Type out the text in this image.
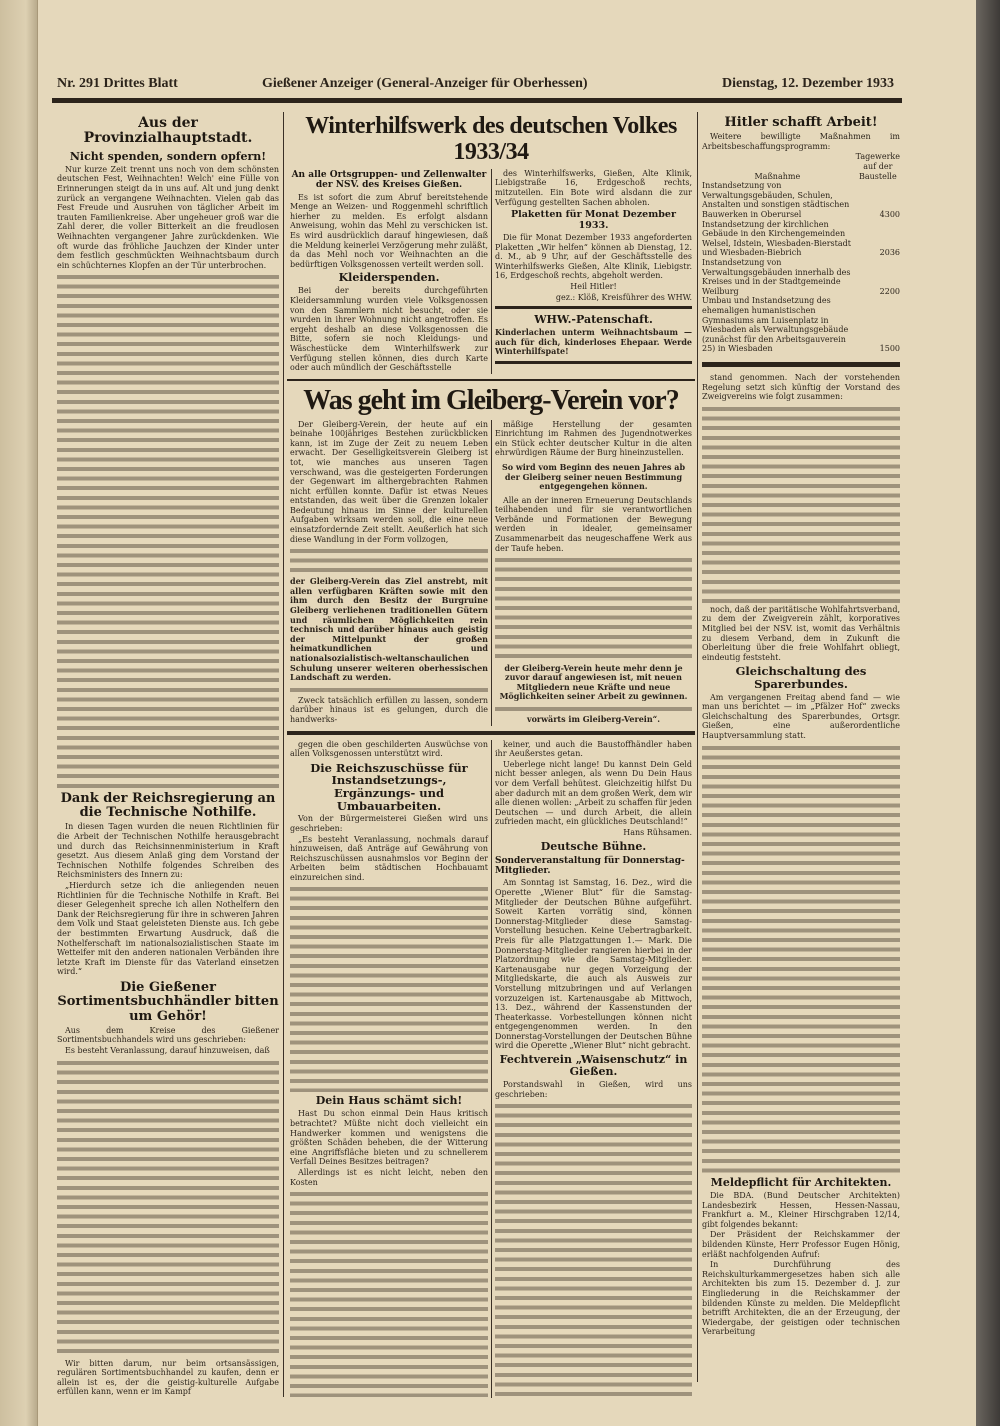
Nr. 291 Drittes Blatt	Gießener Anzeiger (General-Anzeiger für Oberhessen)	Dienstag, 12. Dezember 1933
Aus der Provinzialhauptstadt.
Nicht spenden, sondern opfern!

Nur kurze Zeit trennt uns noch von dem schönsten deutschen Fest, Weihnachten! Welch' eine Fülle von Erinnerungen steigt da in uns auf. Alt und jung denkt zurück an vergangene Weihnachten. Vielen gab das Fest Freude und Ausruhen von täglicher Arbeit im trauten Familienkreise. Aber ungeheuer groß war die Zahl derer, die voller Bitterkeit an die freudlosen Weihnachten vergangener Jahre zurückdenken. Wie oft wurde das fröhliche Jauchzen der Kinder unter dem festlich geschmückten Weihnachtsbaum durch ein schüchternes Klopfen an der Tür unterbrochen.

Dank der Reichsregierung an die Technische Nothilfe.

In diesen Tagen wurden die neuen Richtlinien für die Arbeit der Technischen Nothilfe herausgebracht und durch das Reichsinnenministerium in Kraft gesetzt. Aus diesem Anlaß ging dem Vorstand der Technischen Nothilfe folgendes Schreiben des Reichsministers des Innern zu:

„Hierdurch setze ich die anliegenden neuen Richtlinien für die Technische Nothilfe in Kraft. Bei dieser Gelegenheit spreche ich allen Nothelfern den Dank der Reichsregierung für ihre in schweren Jahren dem Volk und Staat geleisteten Dienste aus. Ich gebe der bestimmten Erwartung Ausdruck, daß die Nothelferschaft im nationalsozialistischen Staate im Wetteifer mit den anderen nationalen Verbänden ihre letzte Kraft im Dienste für das Vaterland einsetzen wird.“

Die Gießener Sortimentsbuchhändler bitten um Gehör!

Aus dem Kreise des Gießener Sortimentsbuchhandels wird uns geschrieben:

Es besteht Veranlassung, darauf hinzuweisen, daß

Wir bitten darum, nur beim ortsansässigen, regulären Sortimentsbuchhandel zu kaufen, denn er allein ist es, der die geistig-kulturelle Aufgabe erfüllen kann, wenn er im Kampf

Winterhilfswerk des deutschen Volkes 1933/34
An alle Ortsgruppen- und Zellenwalter der NSV. des Kreises Gießen.

Es ist sofort die zum Abruf bereitstehende Menge an Weizen- und Roggenmehl schriftlich hierher zu melden. Es erfolgt alsdann Anweisung, wohin das Mehl zu verschicken ist. Es wird ausdrücklich darauf hingewiesen, daß die Meldung keinerlei Verzögerung mehr zuläßt, da das Mehl noch vor Weihnachten an die bedürftigen Volksgenossen verteilt werden soll.

Kleiderspenden.

Bei der bereits durchgeführten Kleidersammlung wurden viele Volksgenossen von den Sammlern nicht besucht, oder sie wurden in ihrer Wohnung nicht angetroffen. Es ergeht deshalb an diese Volksgenossen die Bitte, sofern sie noch Kleidungs- und Wäschestücke dem Winterhilfswerk zur Verfügung stellen können, dies durch Karte oder auch mündlich der Geschäftsstelle

des Winterhilfswerks, Gießen, Alte Klinik, Liebigstraße 16, Erdgeschoß rechts, mitzuteilen. Ein Bote wird alsdann die zur Verfügung gestellten Sachen abholen.

Plaketten für Monat Dezember 1933.

Die für Monat Dezember 1933 angeforderten Plaketten „Wir helfen“ können ab Dienstag, 12. d. M., ab 9 Uhr, auf der Geschäftsstelle des Winterhilfswerks Gießen, Alte Klinik, Liebigstr. 16, Erdgeschoß rechts, abgeholt werden.

Heil Hitler!

gez.: Klöß, Kreisführer des WHW.

WHW.-Patenschaft.

Kinderlachen unterm Weihnachtsbaum — auch für dich, kinderloses Ehepaar. Werde Winterhilfspate!

Was geht im Gleiberg-Verein vor?

Der Gleiberg-Verein, der heute auf ein beinahe 100jähriges Bestehen zurückblicken kann, ist im Zuge der Zeit zu neuem Leben erwacht. Der Geselligkeitsverein Gleiberg ist tot, wie manches aus unseren Tagen verschwand, was die gesteigerten Forderungen der Gegenwart im althergebrachten Rahmen nicht erfüllen konnte. Dafür ist etwas Neues entstanden, das weit über die Grenzen lokaler Bedeutung hinaus im Sinne der kulturellen Aufgaben wirksam werden soll, die eine neue einsatzfordernde Zeit stellt. Aeußerlich hat sich diese Wandlung in der Form vollzogen,

der Gleiberg-Verein das Ziel anstrebt, mit allen verfügbaren Kräften sowie mit den ihm durch den Besitz der Burgruine Gleiberg verliehenen traditionellen Gütern und räumlichen Möglichkeiten rein technisch und darüber hinaus auch geistig der Mittelpunkt der großen heimatkundlichen und nationalsozialistisch-weltanschaulichen Schulung unserer weiteren oberhessischen Landschaft zu werden.

Zweck tatsächlich erfüllen zu lassen, sondern darüber hinaus ist es gelungen, durch die handwerks-

mäßige Herstellung der gesamten Einrichtung im Rahmen des Jugendnotwerkes ein Stück echter deutscher Kultur in die alten ehrwürdigen Räume der Burg hineinzustellen.

So wird vom Beginn des neuen Jahres ab der Gleiberg seiner neuen Bestimmung entgegengehen können.

Alle an der inneren Erneuerung Deutschlands teilhabenden und für sie verantwortlichen Verbände und Formationen der Bewegung werden in idealer, gemeinsamer Zusammenarbeit das neugeschaffene Werk aus der Taufe heben.

der Gleiberg-Verein heute mehr denn je zuvor darauf angewiesen ist, mit neuen Mitgliedern neue Kräfte und neue Möglichkeiten seiner Arbeit zu gewinnen.

vorwärts im Gleiberg-Verein“.

gegen die oben geschilderten Auswüchse von allen Volksgenossen unterstützt wird.

Die Reichszuschüsse für Instandsetzungs-, Ergänzungs- und Umbauarbeiten.

Von der Bürgermeisterei Gießen wird uns geschrieben:

„Es besteht Veranlassung, nochmals darauf hinzuweisen, daß Anträge auf Gewährung von Reichszuschüssen ausnahmslos vor Beginn der Arbeiten beim städtischen Hochbauamt einzureichen sind.

Dein Haus schämt sich!

Hast Du schon einmal Dein Haus kritisch betrachtet? Müßte nicht doch vielleicht ein Handwerker kommen und wenigstens die größten Schäden beheben, die der Witterung eine Angriffsfläche bieten und zu schnellerem Verfall Deines Besitzes beitragen?

Allerdings ist es nicht leicht, neben den Kosten

keiner, und auch die Baustoffhändler haben ihr Aeußerstes getan.

Ueberlege nicht lange! Du kannst Dein Geld nicht besser anlegen, als wenn Du Dein Haus vor dem Verfall behütest. Gleichzeitig hilfst Du aber dadurch mit an dem großen Werk, dem wir alle dienen wollen: „Arbeit zu schaffen für jeden Deutschen — und durch Arbeit, die allein zufrieden macht, ein glückliches Deutschland!“

Hans Rühsamen.

Deutsche Bühne.
Sonderveranstaltung für Donnerstag-Mitglieder.

Am Sonntag ist Samstag, 16. Dez., wird die Operette „Wiener Blut“ für die Samstag-Mitglieder der Deutschen Bühne aufgeführt. Soweit Karten vorrätig sind, können Donnerstag-Mitglieder diese Samstag-Vorstellung besuchen. Keine Uebertragbarkeit. Preis für alle Platzgattungen 1.— Mark. Die Donnerstag-Mitglieder rangieren hierbei in der Platzordnung wie die Samstag-Mitglieder. Kartenausgabe nur gegen Vorzeigung der Mitgliedskarte, die auch als Ausweis zur Vorstellung mitzubringen und auf Verlangen vorzuzeigen ist. Kartenausgabe ab Mittwoch, 13. Dez., während der Kassenstunden der Theaterkasse. Vorbestellungen können nicht entgegengenommen werden. In den Donnerstag-Vorstellungen der Deutschen Bühne wird die Operette „Wiener Blut“ nicht gebracht.

Fechtverein „Waisenschutz“ in Gießen.

Porstandswahl in Gießen, wird uns geschrieben:

Hitler schafft Arbeit!

Weitere bewilligte Maßnahmen im Arbeitsbeschaffungsprogramm:

Maßnahme	Tagewerke auf der Baustelle
Instandsetzung von Verwaltungsgebäuden, Schulen, Anstalten und sonstigen städtischen Bauwerken in Oberursel	4300
Instandsetzung der kirchlichen Gebäude in den Kirchengemeinden Welsel, Idstein, Wiesbaden-Bierstadt und Wiesbaden-Biebrich	2036
Instandsetzung von Verwaltungsgebäuden innerhalb des Kreises und in der Stadtgemeinde Weilburg	2200
Umbau und Instandsetzung des ehemaligen humanistischen Gymnasiums am Luisenplatz in Wiesbaden als Verwaltungsgebäude (zunächst für den Arbeitsgauverein 25) in Wiesbaden	1500

stand genommen. Nach der vorstehenden Regelung setzt sich künftig der Vorstand des Zweigvereins wie folgt zusammen:

noch, daß der paritätische Wohlfahrtsverband, zu dem der Zweigverein zählt, korporatives Mitglied bei der NSV. ist, womit das Verhältnis zu diesem Verband, dem in Zukunft die Oberleitung über die freie Wohlfahrt obliegt, eindeutig feststeht.

Gleichschaltung des Sparerbundes.

Am vergangenen Freitag abend fand — wie man uns berichtet — im „Pfälzer Hof“ zwecks Gleichschaltung des Sparerbundes, Ortsgr. Gießen, eine außerordentliche Hauptversammlung statt.

Meldepflicht für Architekten.

Die BDA. (Bund Deutscher Architekten) Landesbezirk Hessen, Hessen-Nassau, Frankfurt a. M., Kleiner Hirschgraben 12/14, gibt folgendes bekannt:

Der Präsident der Reichskammer der bildenden Künste, Herr Professor Eugen Hönig, erläßt nachfolgenden Aufruf:

In Durchführung des Reichskulturkammergesetzes haben sich alle Architekten bis zum 15. Dezember d. J. zur Eingliederung in die Reichskammer der bildenden Künste zu melden. Die Meldepflicht betrifft Architekten, die an der Erzeugung, der Wiedergabe, der geistigen oder technischen Verarbeitung
